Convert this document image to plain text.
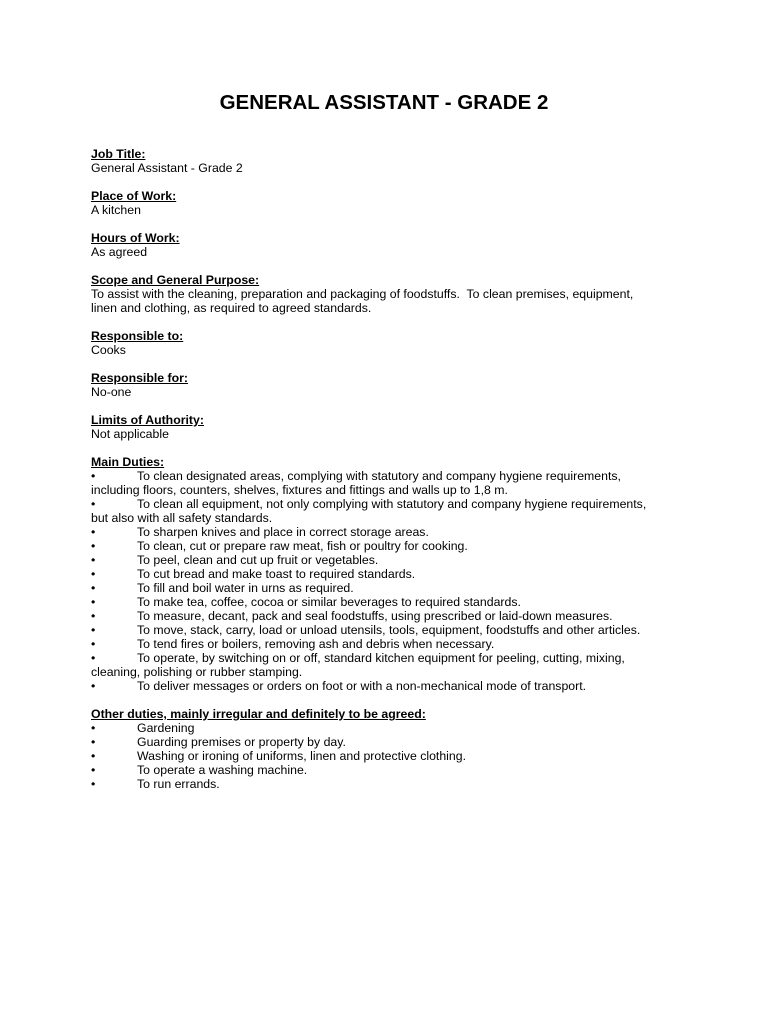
GENERAL ASSISTANT - GRADE 2
Job Title:
General Assistant - Grade 2
Place of Work:
A kitchen
Hours of Work:
As agreed
Scope and General Purpose:
To assist with the cleaning, preparation and packaging of foodstuffs.  To clean premises, equipment,
linen and clothing, as required to agreed standards.
Responsible to:
Cooks
Responsible for:
No-one
Limits of Authority:
Not applicable
Main Duties:
•	To clean designated areas, complying with statutory and company hygiene requirements,
including floors, counters, shelves, fixtures and fittings and walls up to 1,8 m.
•	To clean all equipment, not only complying with statutory and company hygiene requirements,
but also with all safety standards.
•	To sharpen knives and place in correct storage areas.
•	To clean, cut or prepare raw meat, fish or poultry for cooking.
•	To peel, clean and cut up fruit or vegetables.
•	To cut bread and make toast to required standards.
•	To fill and boil water in urns as required.
•	To make tea, coffee, cocoa or similar beverages to required standards.
•	To measure, decant, pack and seal foodstuffs, using prescribed or laid-down measures.
•	To move, stack, carry, load or unload utensils, tools, equipment, foodstuffs and other articles.
•	To tend fires or boilers, removing ash and debris when necessary.
•	To operate, by switching on or off, standard kitchen equipment for peeling, cutting, mixing,
cleaning, polishing or rubber stamping.
•	To deliver messages or orders on foot or with a non-mechanical mode of transport.
Other duties, mainly irregular and definitely to be agreed:
•	Gardening
•	Guarding premises or property by day.
•	Washing or ironing of uniforms, linen and protective clothing.
•	To operate a washing machine.
•	To run errands.
